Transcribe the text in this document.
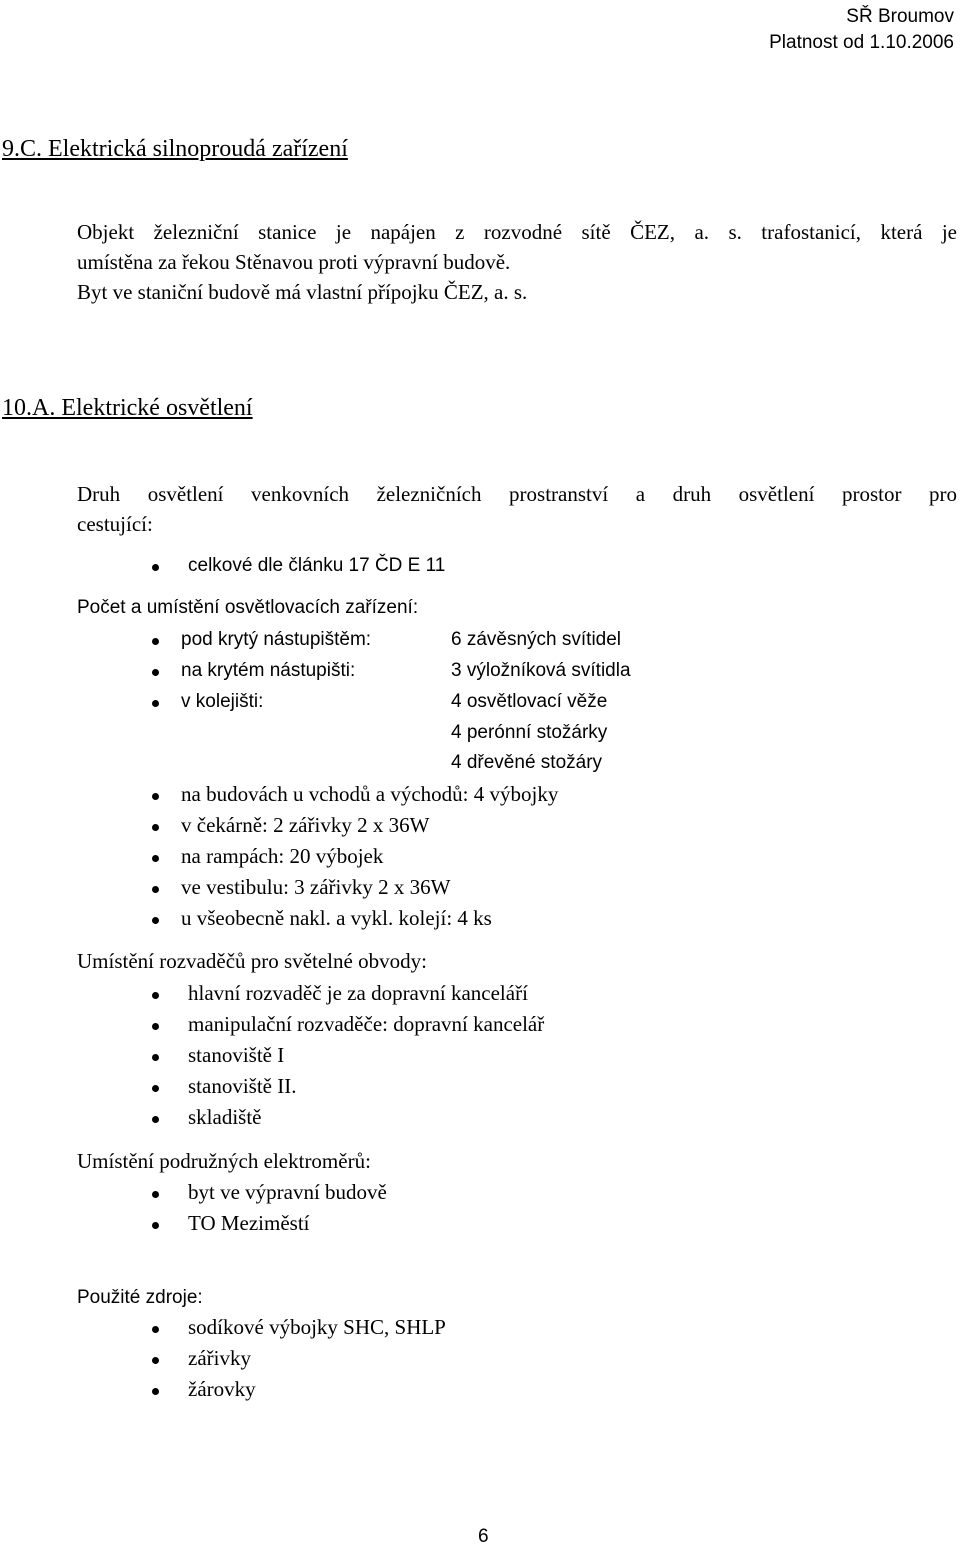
SŘ Broumov
Platnost od 1.10.2006
9.C. Elektrická silnoproudá zařízení
Objekt železniční stanice je napájen z rozvodné sítě ČEZ, a. s. trafostanicí, která je
umístěna za řekou Stěnavou proti výpravní budově.
Byt ve staniční budově má vlastní přípojku ČEZ, a. s.
10.A. Elektrické osvětlení
Druh osvětlení venkovních železničních prostranství a druh osvětlení prostor pro
cestující:
celkové dle článku 17 ČD E 11
Počet a umístění osvětlovacích zařízení:
pod krytý nástupištěm:	6 závěsných svítidel
na krytém nástupišti:	3 výložníková svítidla
v kolejišti:	4 osvětlovací věže
4 perónní stožárky
4 dřevěné stožáry
na budovách u vchodů a východů: 4 výbojky
v čekárně: 2 zářivky 2 x 36W
na rampách: 20 výbojek
ve vestibulu: 3 zářivky 2 x 36W
u všeobecně nakl. a vykl. kolejí: 4 ks
Umístění rozvaděčů pro světelné obvody:
hlavní rozvaděč je za dopravní kanceláří
manipulační rozvaděče: dopravní kancelář
stanoviště I
stanoviště II.
skladiště
Umístění podružných elektroměrů:
byt ve výpravní budově
TO Meziměstí
Použité zdroje:
sodíkové výbojky SHC, SHLP
zářivky
žárovky
6
